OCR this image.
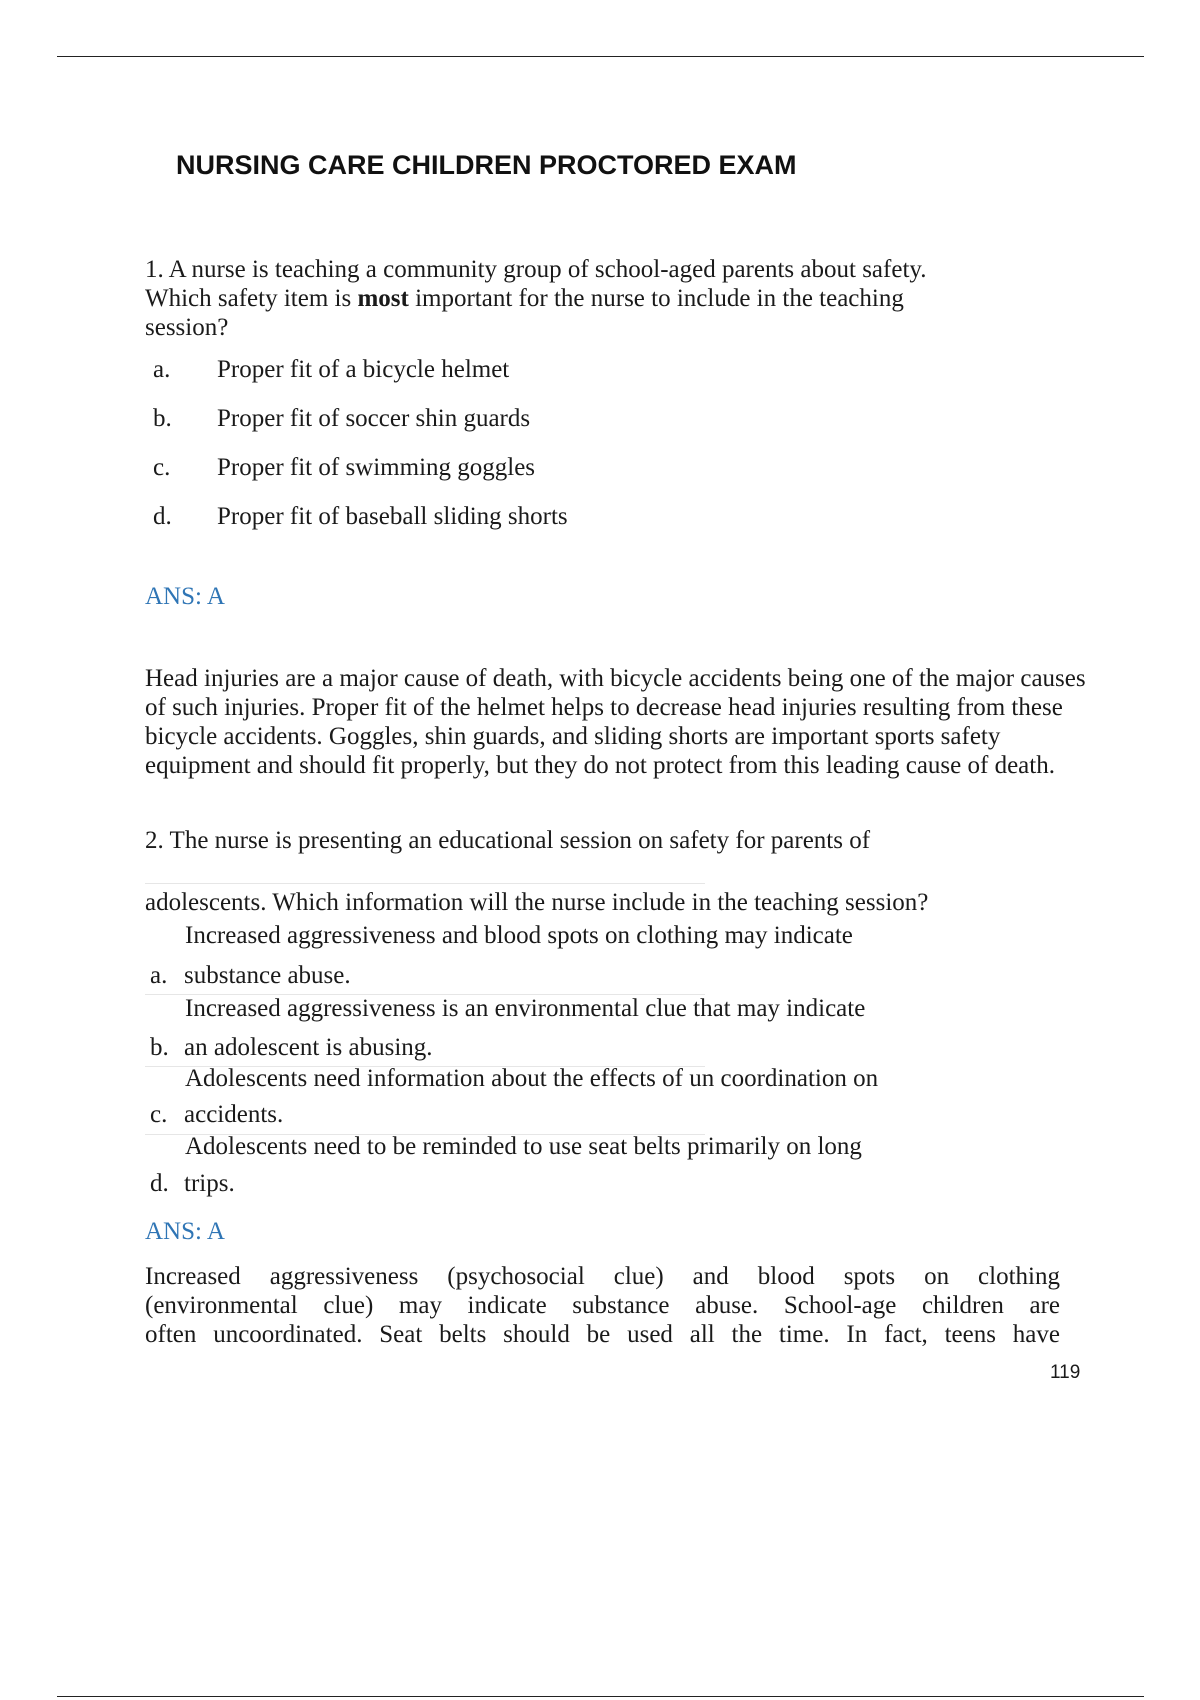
NURSING CARE CHILDREN PROCTORED EXAM
1. A nurse is teaching a community group of school-aged parents about safety. Which safety item is most important for the nurse to include in the teaching session?
a. Proper fit of a bicycle helmet
b. Proper fit of soccer shin guards
c. Proper fit of swimming goggles
d. Proper fit of baseball sliding shorts
ANS: A
Head injuries are a major cause of death, with bicycle accidents being one of the major causes of such injuries. Proper fit of the helmet helps to decrease head injuries resulting from these bicycle accidents. Goggles, shin guards, and sliding shorts are important sports safety equipment and should fit properly, but they do not protect from this leading cause of death.
2. The nurse is presenting an educational session on safety for parents of
adolescents. Which information will the nurse include in the teaching session?
Increased aggressiveness and blood spots on clothing may indicate
a. substance abuse.
Increased aggressiveness is an environmental clue that may indicate
b. an adolescent is abusing.
Adolescents need information about the effects of un coordination on
c. accidents.
Adolescents need to be reminded to use seat belts primarily on long
d. trips.
ANS: A
Increased aggressiveness (psychosocial clue) and blood spots on clothing
(environmental clue) may indicate substance abuse. School-age children are
often uncoordinated. Seat belts should be used all the time. In fact, teens have
119
